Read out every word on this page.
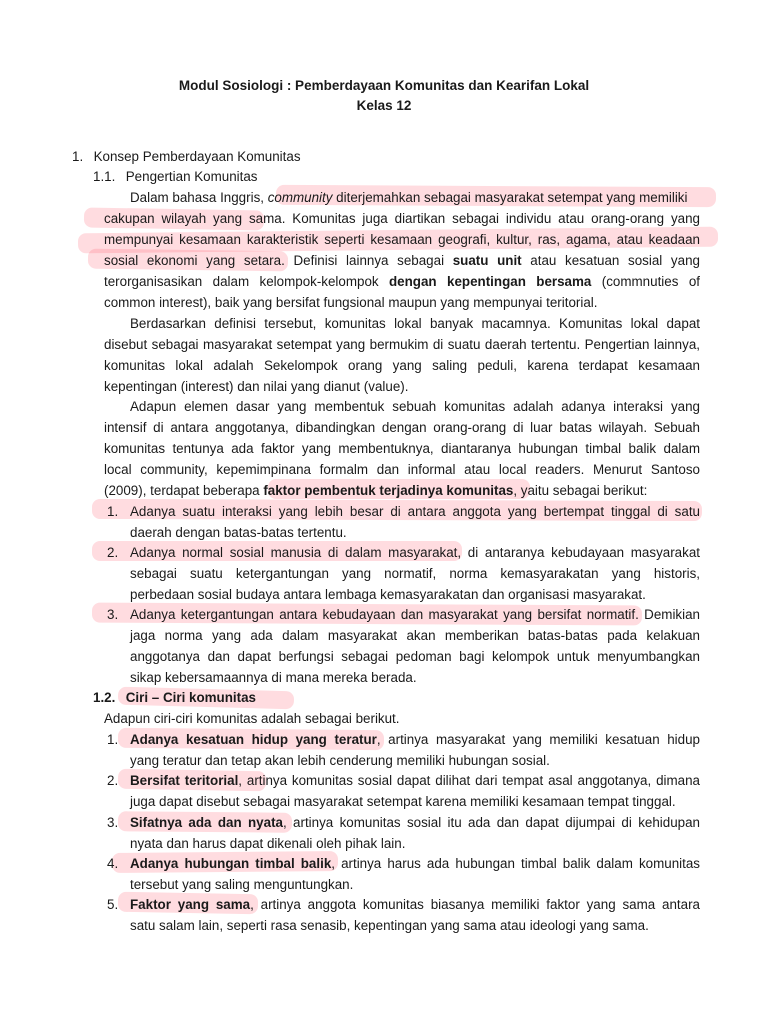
Modul Sosiologi : Pemberdayaan Komunitas dan Kearifan Lokal
Kelas 12
1.  Konsep Pemberdayaan Komunitas
1.1.  Pengertian Komunitas
Dalam bahasa Inggris, community diterjemahkan sebagai masyarakat setempat yang memiliki
cakupan wilayah yang sama. Komunitas juga diartikan sebagai individu atau orang-orang yang
mempunyai kesamaan karakteristik seperti kesamaan geografi, kultur, ras, agama, atau keadaan
sosial ekonomi yang setara. Definisi lainnya sebagai suatu unit atau kesatuan sosial yang
terorganisasikan dalam kelompok-kelompok dengan kepentingan bersama (commnuties of
common interest), baik yang bersifat fungsional maupun yang mempunyai teritorial.
Berdasarkan definisi tersebut, komunitas lokal banyak macamnya. Komunitas lokal dapat
disebut sebagai masyarakat setempat yang bermukim di suatu daerah tertentu. Pengertian lainnya,
komunitas lokal adalah Sekelompok orang yang saling peduli, karena terdapat kesamaan
kepentingan (interest) dan nilai yang dianut (value).
Adapun elemen dasar yang membentuk sebuah komunitas adalah adanya interaksi yang
intensif di antara anggotanya, dibandingkan dengan orang-orang di luar batas wilayah. Sebuah
komunitas tentunya ada faktor yang membentuknya, diantaranya hubungan timbal balik dalam
local community, kepemimpinana formalm dan informal atau local readers. Menurut Santoso
(2009), terdapat beberapa faktor pembentuk terjadinya komunitas, yaitu sebagai berikut:
1. Adanya suatu interaksi yang lebih besar di antara anggota yang bertempat tinggal di satu
daerah dengan batas-batas tertentu.
2. Adanya normal sosial manusia di dalam masyarakat, di antaranya kebudayaan masyarakat
sebagai suatu ketergantungan yang normatif, norma kemasyarakatan yang historis,
perbedaan sosial budaya antara lembaga kemasyarakatan dan organisasi masyarakat.
3. Adanya ketergantungan antara kebudayaan dan masyarakat yang bersifat normatif. Demikian
jaga norma yang ada dalam masyarakat akan memberikan batas-batas pada kelakuan
anggotanya dan dapat berfungsi sebagai pedoman bagi kelompok untuk menyumbangkan
sikap kebersamaannya di mana mereka berada.
1.2.  Ciri – Ciri komunitas
Adapun ciri-ciri komunitas adalah sebagai berikut.
1. Adanya kesatuan hidup yang teratur, artinya masyarakat yang memiliki kesatuan hidup
yang teratur dan tetap akan lebih cenderung memiliki hubungan sosial.
2. Bersifat teritorial, artinya komunitas sosial dapat dilihat dari tempat asal anggotanya, dimana
juga dapat disebut sebagai masyarakat setempat karena memiliki kesamaan tempat tinggal.
3. Sifatnya ada dan nyata, artinya komunitas sosial itu ada dan dapat dijumpai di kehidupan
nyata dan harus dapat dikenali oleh pihak lain.
4. Adanya hubungan timbal balik, artinya harus ada hubungan timbal balik dalam komunitas
tersebut yang saling menguntungkan.
5. Faktor yang sama, artinya anggota komunitas biasanya memiliki faktor yang sama antara
satu salam lain, seperti rasa senasib, kepentingan yang sama atau ideologi yang sama.
